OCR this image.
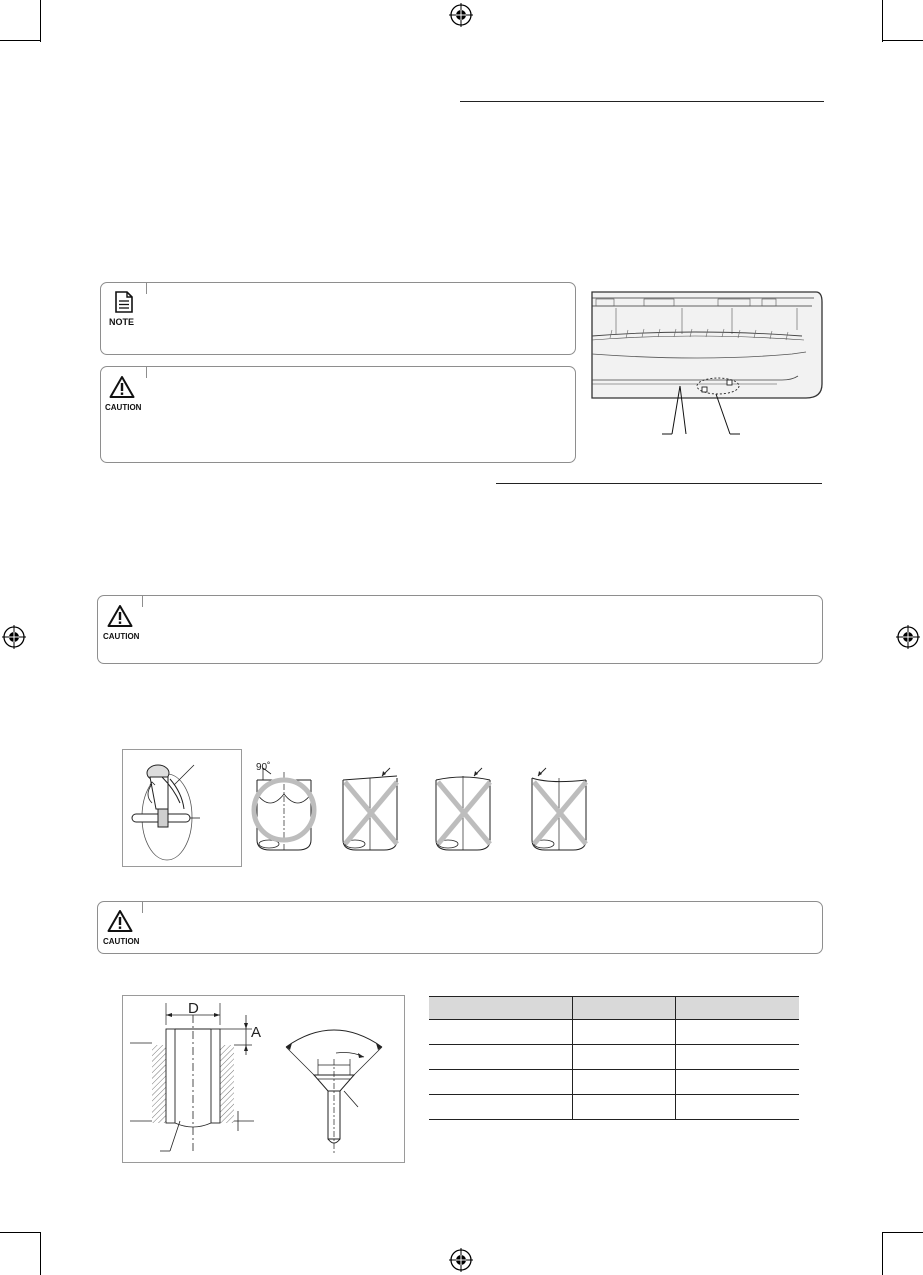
NOTE
CAUTION
CAUTION
90˚
CAUTION
D
A
